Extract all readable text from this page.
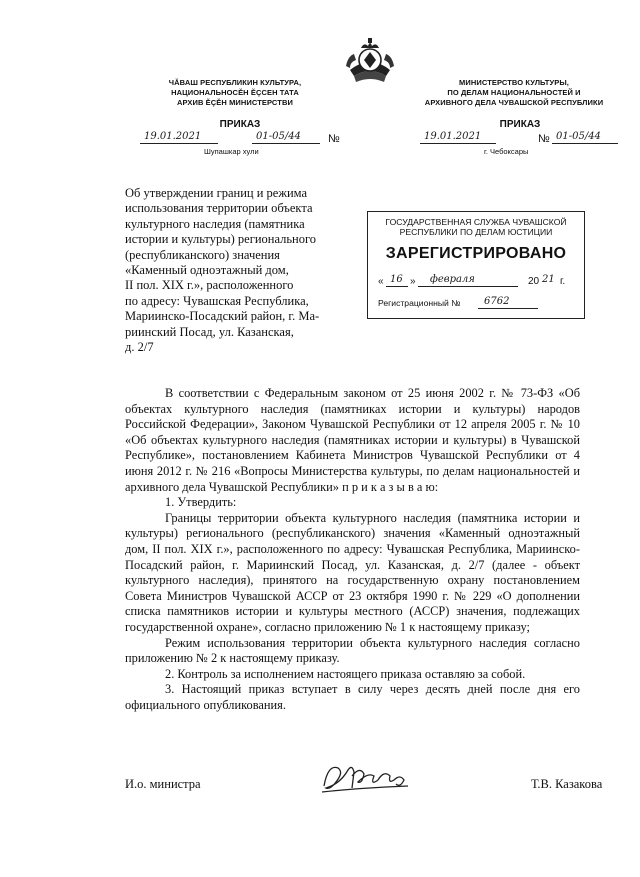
ЧĂВАШ РЕСПУБЛИКИН КУЛЬТУРА,
НАЦИОНАЛЬНОСĔН ĔÇСЕН ТАТА
АРХИВ ĔÇĔН МИНИСТЕРСТВИ
МИНИСТЕРСТВО КУЛЬТУРЫ,
ПО ДЕЛАМ НАЦИОНАЛЬНОСТЕЙ И
АРХИВНОГО ДЕЛА ЧУВАШСКОЙ РЕСПУБЛИКИ
ПРИКАЗ	ПРИКАЗ
19.01.2021	01-05/44 №
Шупашкар хули
19.01.2021	№ 01-05/44
г. Чебоксары
Об утверждении границ и режима
использования территории объекта
культурного наследия (памятника
истории и культуры) регионального
(республиканского) значения
«Каменный одноэтажный дом,
II пол. XIX г.», расположенного
по адресу: Чувашская Республика,
Мариинско-Посадский район, г. Ма-
риинский Посад, ул. Казанская,
д. 2/7
ГОСУДАРСТВЕННАЯ СЛУЖБА ЧУВАШСКОЙ
РЕСПУБЛИКИ ПО ДЕЛАМ ЮСТИЦИИ
ЗАРЕГИСТРИРОВАНО
« 16 » февраля	20 21 г.
Регистрационный № 6762

В соответствии с Федеральным законом от 25 июня 2002 г. № 73-ФЗ «Об объектах культурного наследия (памятниках истории и культуры) народов Российской Федерации», Законом Чувашской Республики от 12 апреля 2005 г. № 10 «Об объектах культурного наследия (памятниках истории и культуры) в Чувашской Республике», постановлением Кабинета Министров Чувашской Республики от 4 июня 2012 г. № 216 «Вопросы Министерства культуры, по делам национальностей и архивного дела Чувашской Республики» п р и к а з ы в а ю:

1. Утвердить:

Границы территории объекта культурного наследия (памятника истории и культуры) регионального (республиканского) значения «Каменный одноэтажный дом, II пол. XIX г.», расположенного по адресу: Чувашская Республика, Мариинско-Посадский район, г. Мариинский Посад, ул. Казанская, д. 2/7 (далее - объект культурного наследия), принятого на государственную охрану постановлением Совета Министров Чувашской АССР от 23 октября 1990 г. № 229 «О дополнении списка памятников истории и культуры местного (АССР) значения, подлежащих государственной охране», согласно приложению № 1 к настоящему приказу;

Режим использования территории объекта культурного наследия согласно приложению № 2 к настоящему приказу.

2. Контроль за исполнением настоящего приказа оставляю за собой.

3. Настоящий приказ вступает в силу через десять дней после дня его официального опубликования.

И.о. министра	Т.В. Казакова
